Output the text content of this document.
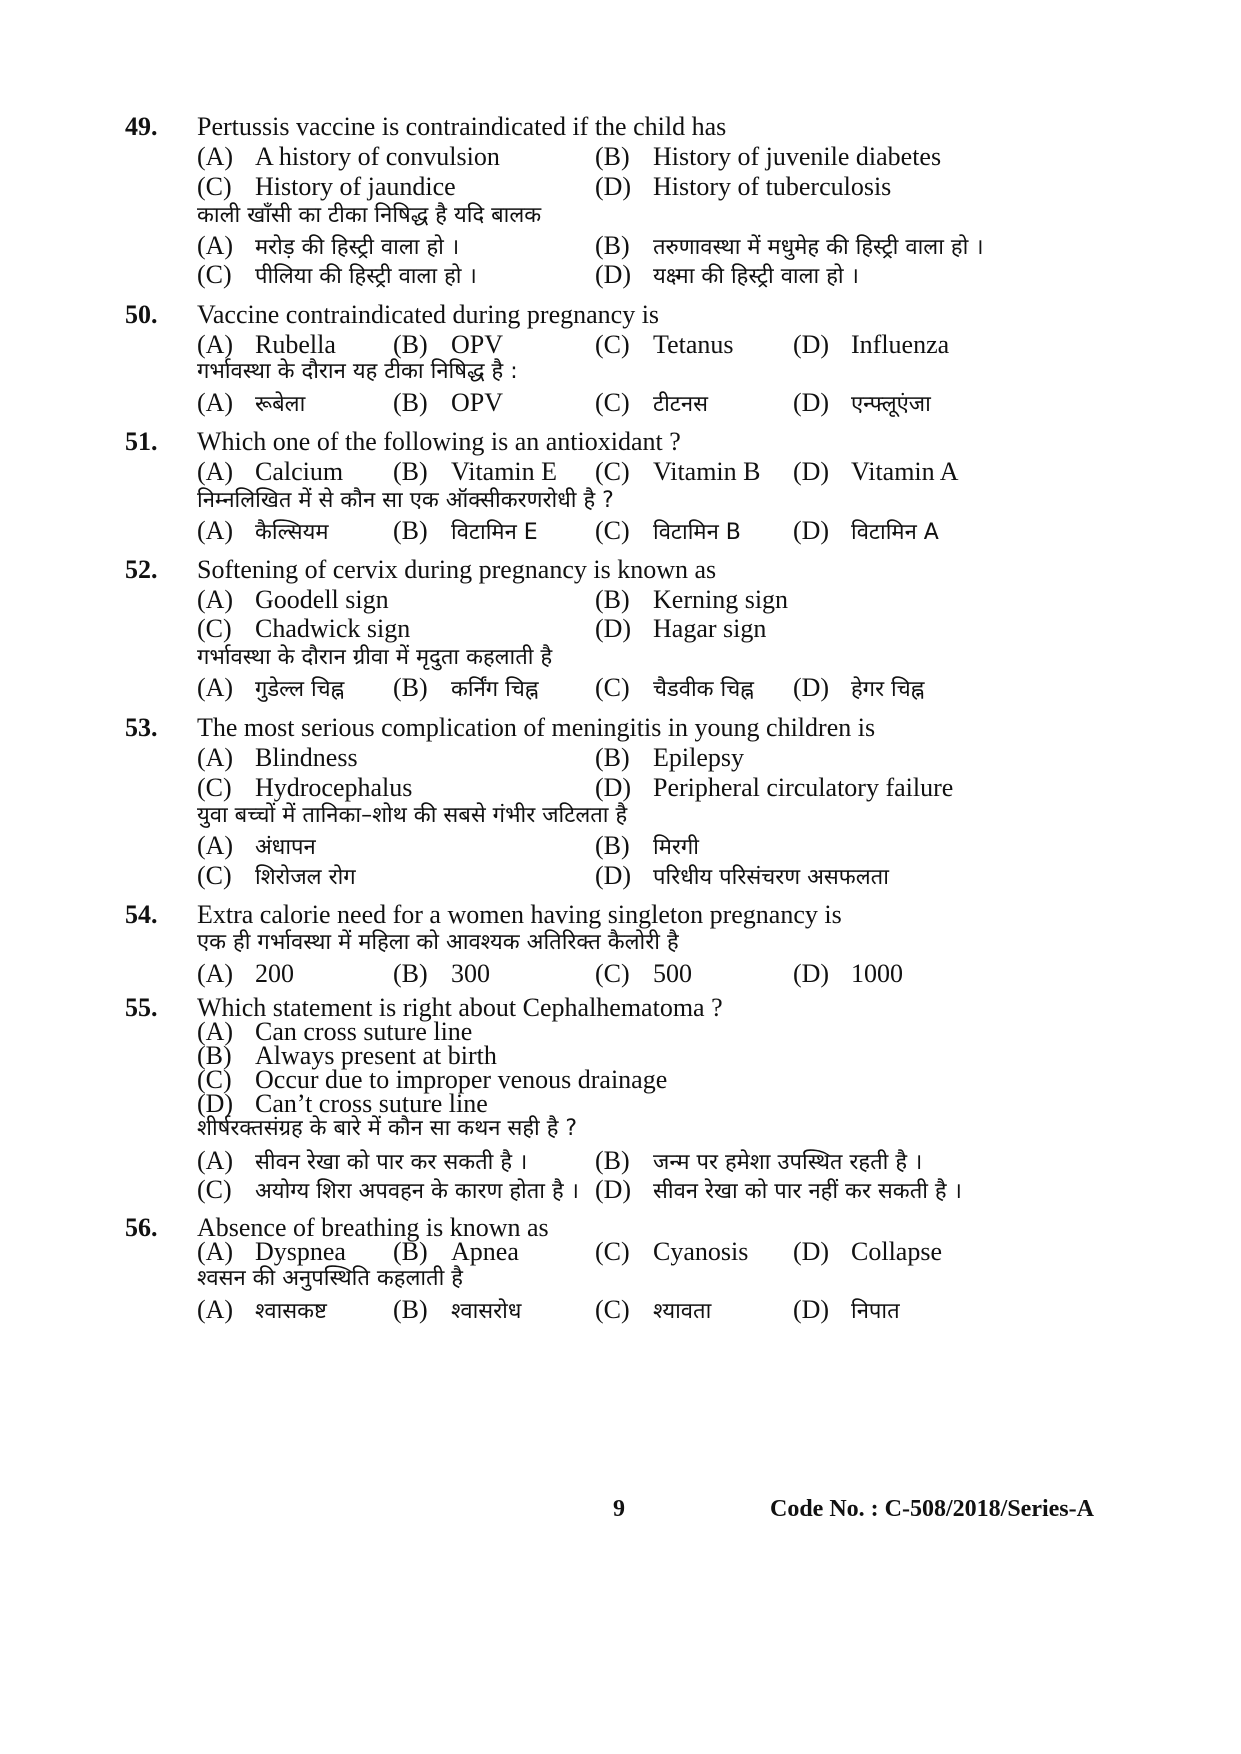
49. Pertussis vaccine is contraindicated if the child has
(A) A history of convulsion	(B) History of juvenile diabetes
(C) History of jaundice	(D) History of tuberculosis
काली खाँसी का टीका निषिद्ध है यदि बालक
(A) मरोड़ की हिस्ट्री वाला हो ।	(B) तरुणावस्था में मधुमेह की हिस्ट्री वाला हो ।
(C) पीलिया की हिस्ट्री वाला हो ।	(D) यक्ष्मा की हिस्ट्री वाला हो ।
50. Vaccine contraindicated during pregnancy is
(A) Rubella (B) OPV	(C) Tetanus (D) Influenza
गर्भावस्था के दौरान यह टीका निषिद्ध है :
(A) रूबेला	(B) OPV	(C) टीटनस	(D) एन्फ्लूएंजा
51. Which one of the following is an antioxidant ?
(A) Calcium (B) Vitamin E (C) Vitamin B (D) Vitamin A
निम्नलिखित में से कौन सा एक ऑक्सीकरणरोधी है ?
(A) कैल्सियम (B) विटामिन E (C) विटामिन B (D) विटामिन A
52. Softening of cervix during pregnancy is known as
(A) Goodell sign	(B) Kerning sign
(C) Chadwick sign	(D) Hagar sign
गर्भावस्था के दौरान ग्रीवा में मृदुता कहलाती है
(A) गुडेल्ल चिह्न (B) कर्निंग चिह्न (C) चैडवीक चिह्न (D) हेगर चिह्न
53. The most serious complication of meningitis in young children is
(A) Blindness	(B) Epilepsy
(C) Hydrocephalus	(D) Peripheral circulatory failure
युवा बच्चों में तानिका–शोथ की सबसे गंभीर जटिलता है
(A) अंधापन	(B) मिरगी
(C) शिरोजल रोग	(D) परिधीय परिसंचरण असफलता
54. Extra calorie need for a women having singleton pregnancy is
एक ही गर्भावस्था में महिला को आवश्यक अतिरिक्त कैलोरी है
(A) 200	(B) 300	(C) 500	(D) 1000
55. Which statement is right about Cephalhematoma ?
(A) Can cross suture line
(B) Always present at birth
(C) Occur due to improper venous drainage
(D) Can’t cross suture line
शीर्षरक्तसंग्रह के बारे में कौन सा कथन सही है ?
(A) सीवन रेखा को पार कर सकती है ।	(B) जन्म पर हमेशा उपस्थित रहती है ।
(C) अयोग्य शिरा अपवहन के कारण होता है । (D) सीवन रेखा को पार नहीं कर सकती है ।
56. Absence of breathing is known as
(A) Dyspnea (B) Apnea	(C) Cyanosis (D) Collapse
श्वसन की अनुपस्थिति कहलाती है
(A) श्वासकष्ट	(B) श्वासरोध	(C) श्यावता	(D) निपात
9	Code No. : C-508/2018/Series-A
